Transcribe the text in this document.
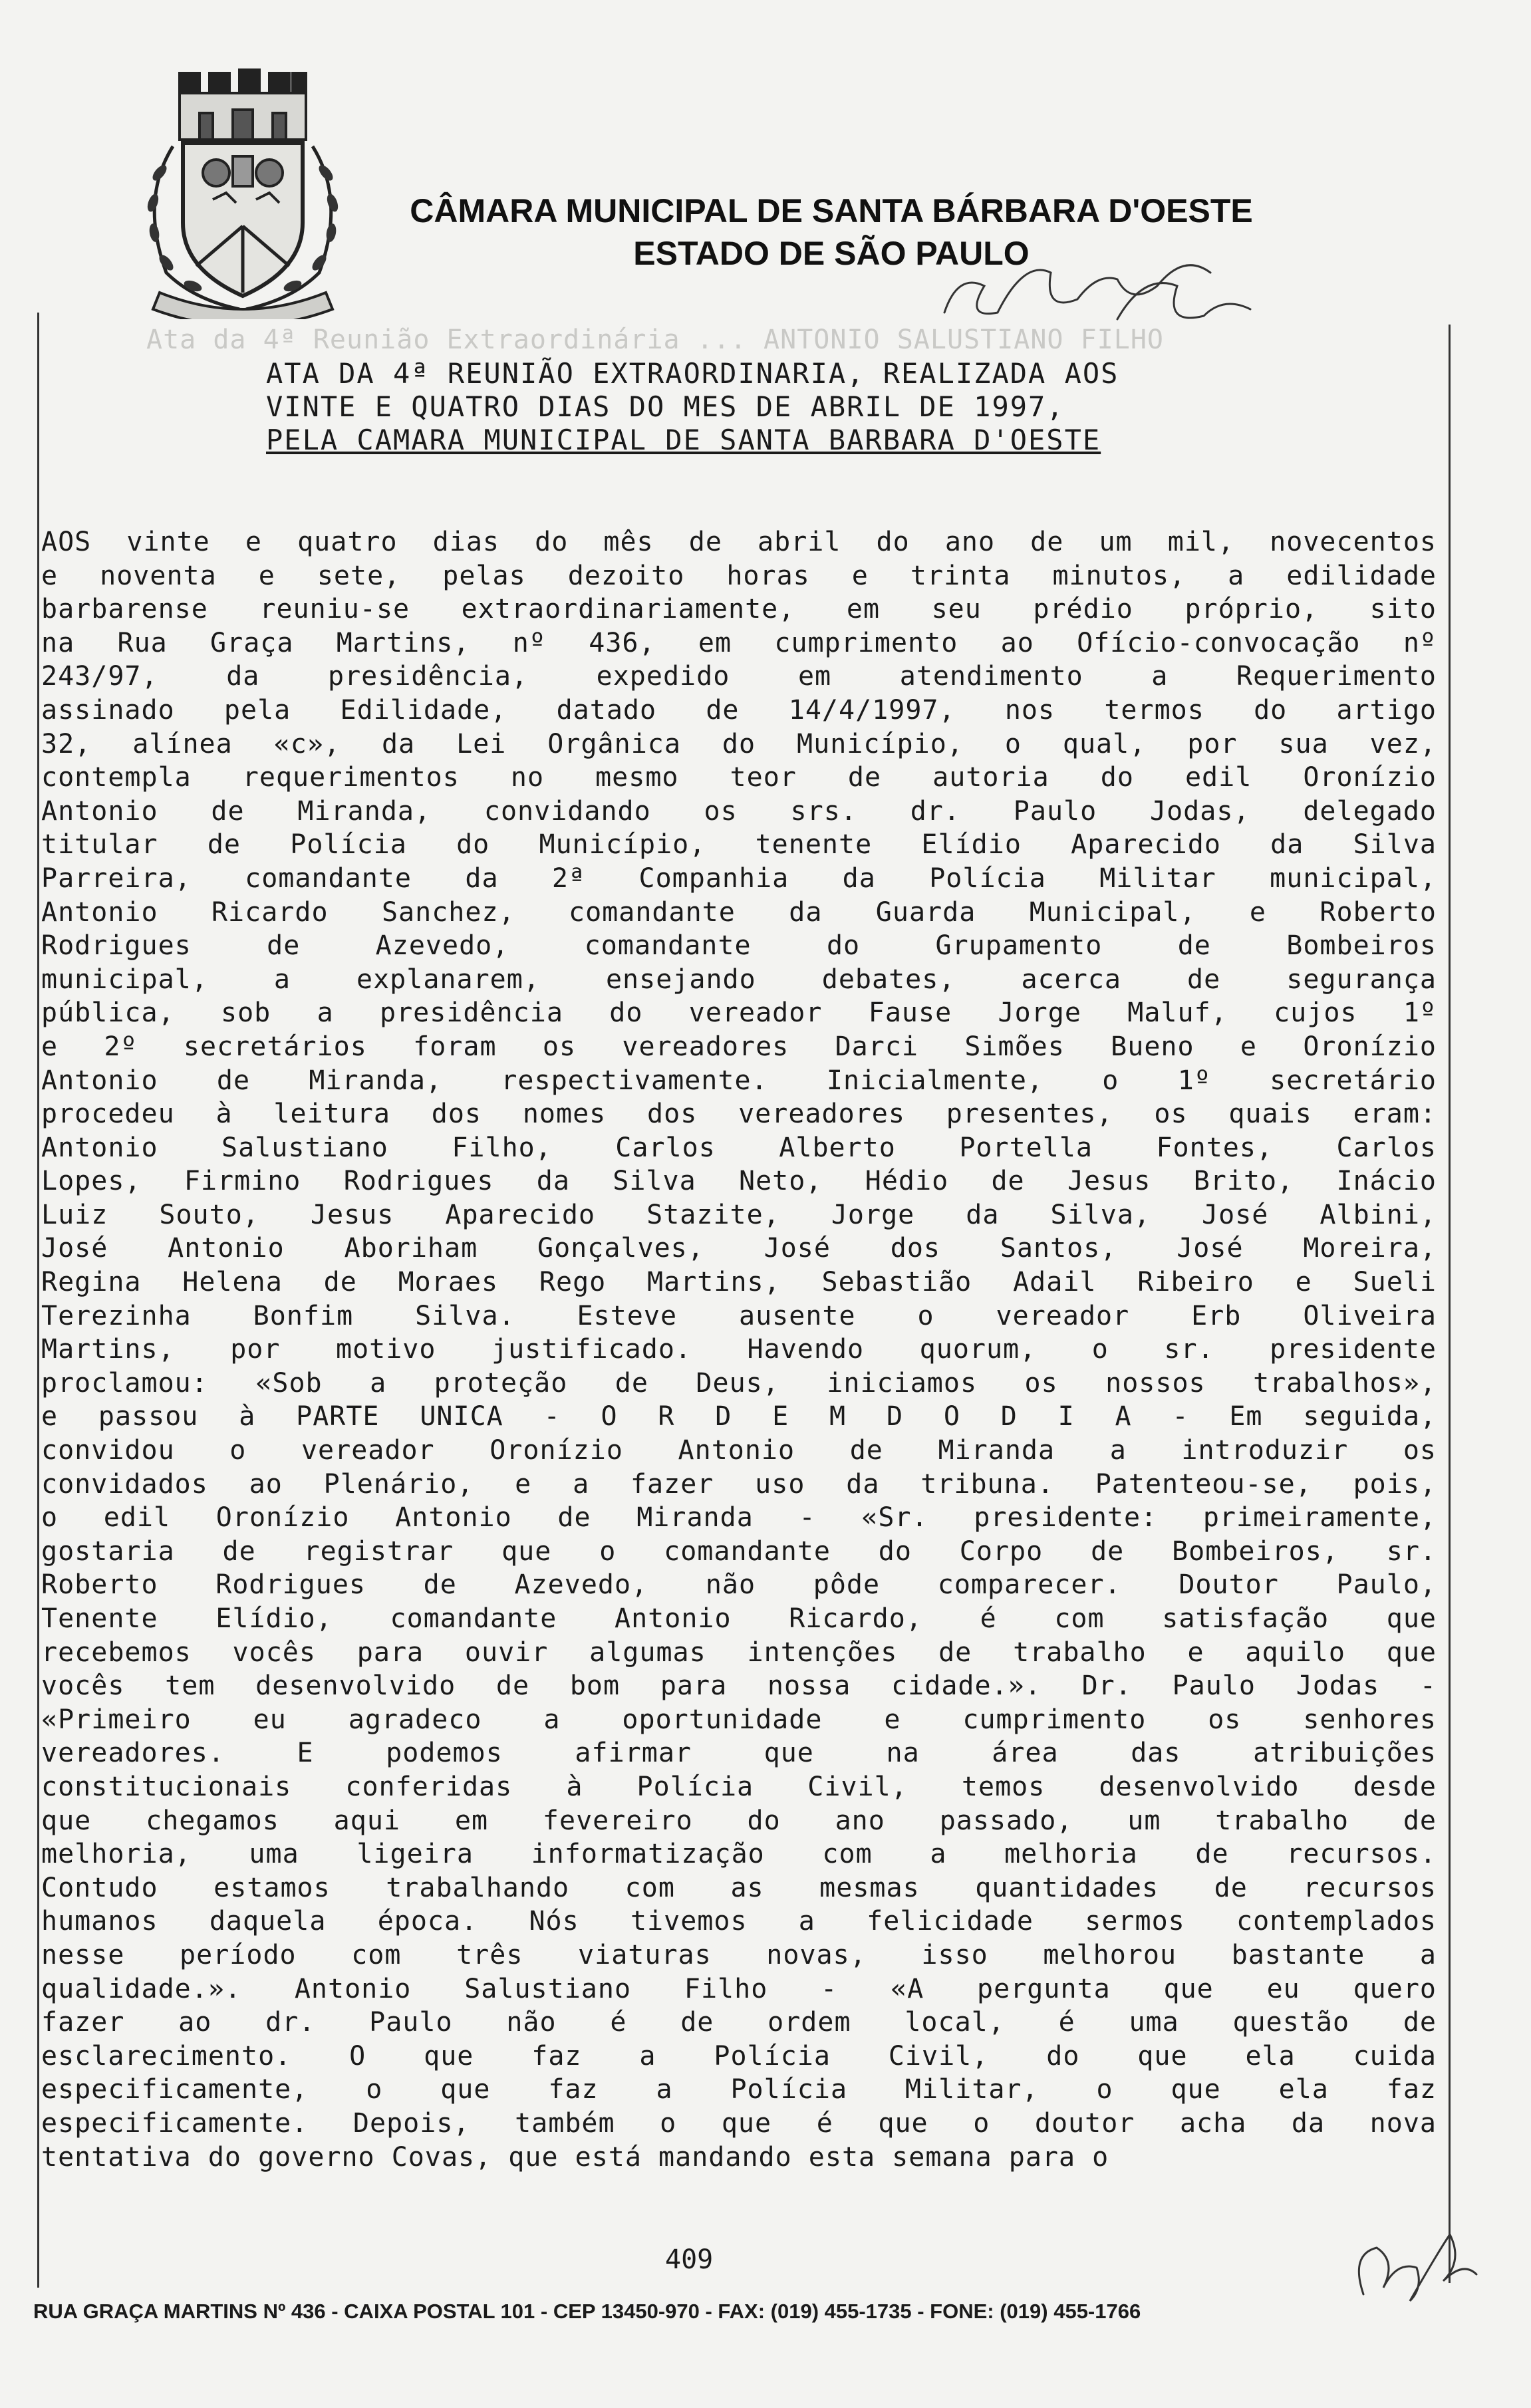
CÂMARA MUNICIPAL DE SANTA BÁRBARA D'OESTE
ESTADO DE SÃO PAULO
Ata da 4ª Reunião Extraordinária ... ANTONIO SALUSTIANO FILHO
ATA DA 4ª REUNIÃO EXTRAORDINARIA, REALIZADA AOS
VINTE E QUATRO DIAS DO MES DE ABRIL DE 1997,
PELA CAMARA MUNICIPAL DE SANTA BARBARA D'OESTE
AOS vinte e quatro dias do mês de abril do ano de um mil, novecentos
e noventa e sete, pelas dezoito horas e trinta minutos, a edilidade
barbarense reuniu-se extraordinariamente, em seu prédio próprio, sito
na Rua Graça Martins, nº 436, em cumprimento ao Ofício-convocação nº
243/97, da presidência, expedido em atendimento a Requerimento
assinado pela Edilidade, datado de 14/4/1997, nos termos do artigo
32, alínea «c», da Lei Orgânica do Município, o qual, por sua vez,
contempla requerimentos no mesmo teor de autoria do edil Oronízio
Antonio de Miranda, convidando os srs. dr. Paulo Jodas, delegado
titular de Polícia do Município, tenente Elídio Aparecido da Silva
Parreira, comandante da 2ª Companhia da Polícia Militar municipal,
Antonio Ricardo Sanchez, comandante da Guarda Municipal, e Roberto
Rodrigues de Azevedo, comandante do Grupamento de Bombeiros
municipal, a explanarem, ensejando debates, acerca de segurança
pública, sob a presidência do vereador Fause Jorge Maluf, cujos 1º
e 2º secretários foram os vereadores Darci Simões Bueno e Oronízio
Antonio de Miranda, respectivamente. Inicialmente, o 1º secretário
procedeu à leitura dos nomes dos vereadores presentes, os quais eram:
Antonio Salustiano Filho, Carlos Alberto Portella Fontes, Carlos
Lopes, Firmino Rodrigues da Silva Neto, Hédio de Jesus Brito, Inácio
Luiz Souto, Jesus Aparecido Stazite, Jorge da Silva, José Albini,
José Antonio Aboriham Gonçalves, José dos Santos, José Moreira,
Regina Helena de Moraes Rego Martins, Sebastião Adail Ribeiro e Sueli
Terezinha Bonfim Silva. Esteve ausente o vereador Erb Oliveira
Martins, por motivo justificado. Havendo quorum, o sr. presidente
proclamou: «Sob a proteção de Deus, iniciamos os nossos trabalhos»,
e passou à PARTE UNICA - O R D E M D O D I A - Em seguida,
convidou o vereador Oronízio Antonio de Miranda a introduzir os
convidados ao Plenário, e a fazer uso da tribuna. Patenteou-se, pois,
o edil Oronízio Antonio de Miranda - «Sr. presidente: primeiramente,
gostaria de registrar que o comandante do Corpo de Bombeiros, sr.
Roberto Rodrigues de Azevedo, não pôde comparecer. Doutor Paulo,
Tenente Elídio, comandante Antonio Ricardo, é com satisfação que
recebemos vocês para ouvir algumas intenções de trabalho e aquilo que
vocês tem desenvolvido de bom para nossa cidade.». Dr. Paulo Jodas -
«Primeiro eu agradeco a oportunidade e cumprimento os senhores
vereadores. E podemos afirmar que na área das atribuições
constitucionais conferidas à Polícia Civil, temos desenvolvido desde
que chegamos aqui em fevereiro do ano passado, um trabalho de
melhoria, uma ligeira informatização com a melhoria de recursos.
Contudo estamos trabalhando com as mesmas quantidades de recursos
humanos daquela época. Nós tivemos a felicidade sermos contemplados
nesse período com três viaturas novas, isso melhorou bastante a
qualidade.». Antonio Salustiano Filho - «A pergunta que eu quero
fazer ao dr. Paulo não é de ordem local, é uma questão de
esclarecimento. O que faz a Polícia Civil, do que ela cuida
especificamente, o que faz a Polícia Militar, o que ela faz
especificamente. Depois, também o que é que o doutor acha da nova
tentativa do governo Covas, que está mandando esta semana para o
409
RUA GRAÇA MARTINS Nº 436 - CAIXA POSTAL 101 - CEP 13450-970 - FAX: (019) 455-1735 - FONE: (019) 455-1766
